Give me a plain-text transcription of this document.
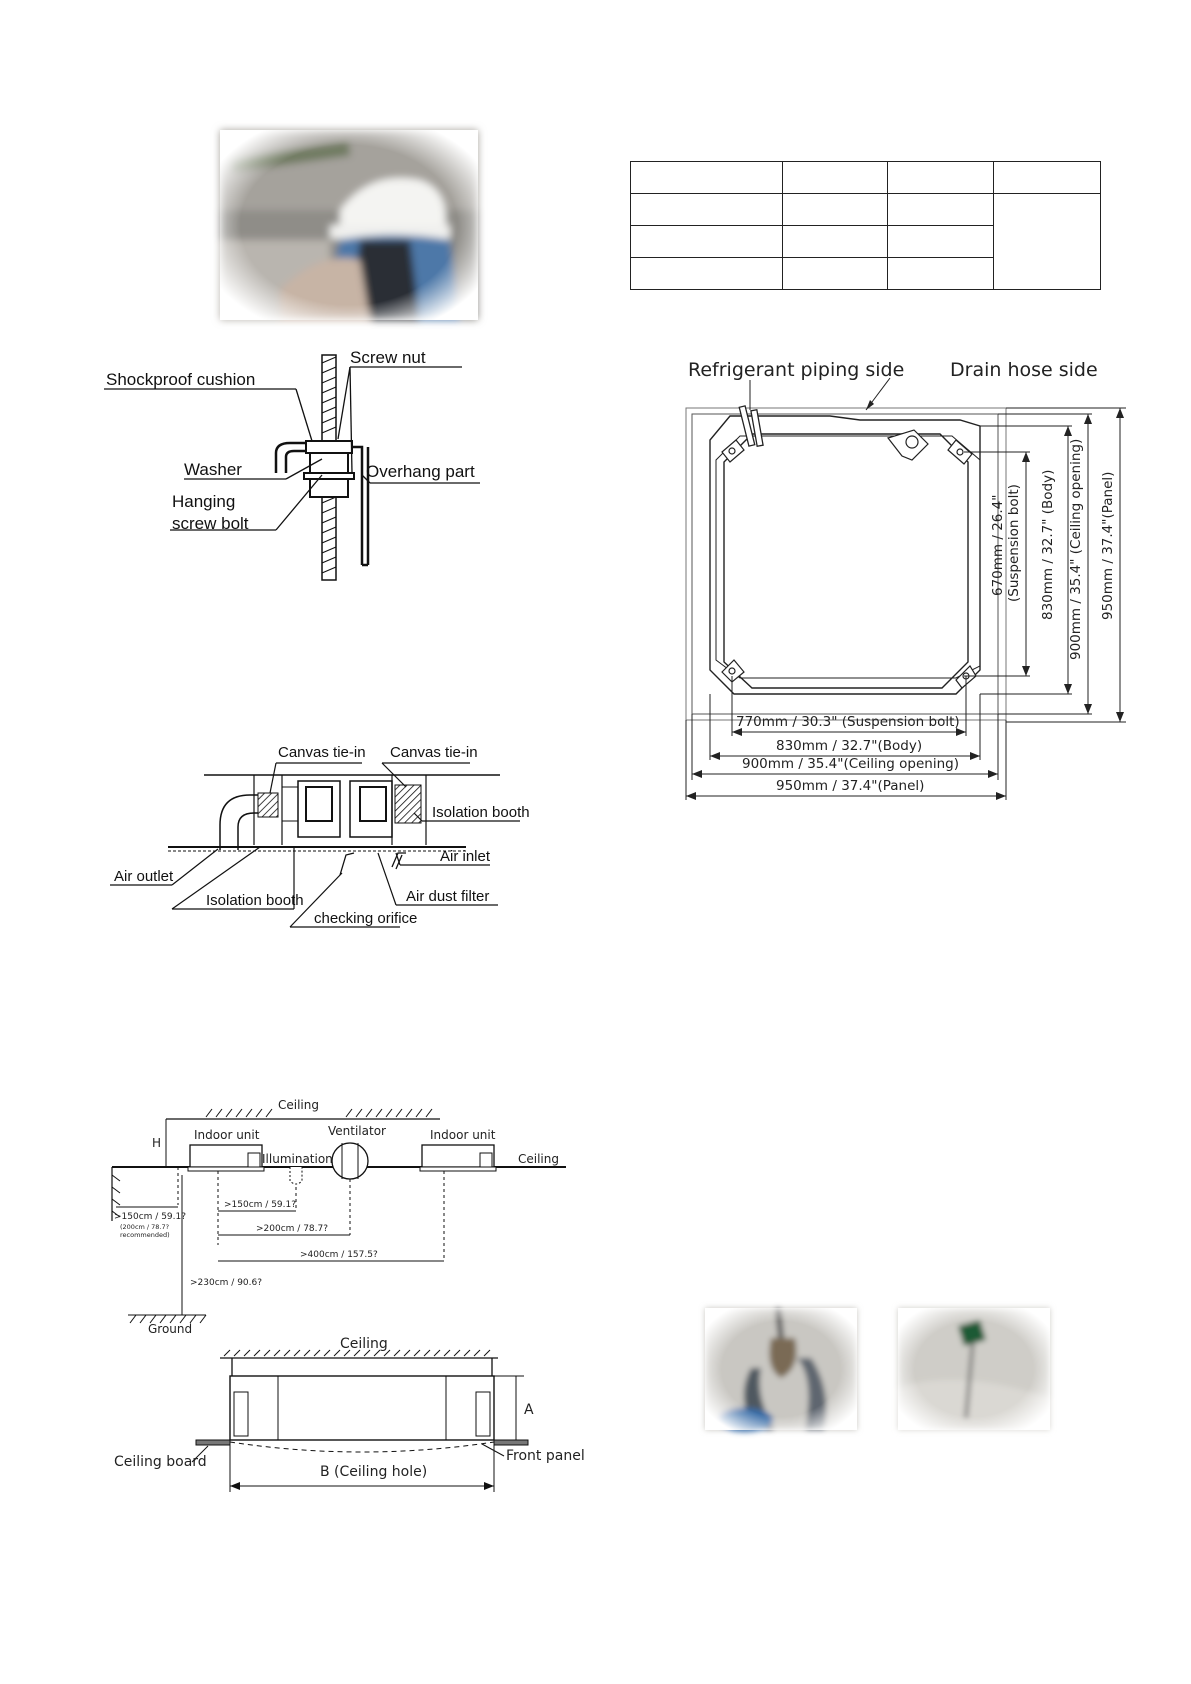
Screw nut
Shockproof cushion
Washer	Overhang part
Hanging
screw bolt
Canvas tie-in Canvas tie-in
Isolation booth
Air inlet
Air outlet
Isolation booth	Air dust filter
checking orifice
Ceiling
H
Indoor unit	Ventilator	Indoor unit
Illumination	Ceiling
>150cm / 59.1?
(200cm / 78.7?
recommended)
>150cm / 59.1?
>200cm / 78.7?
>400cm / 157.5?
>230cm / 90.6?
Ground
Ceiling
A
Ceiling board
B (Ceiling hole)
Front panel

Refrigerant piping side Drain hose side
670mm / 26.4" (Suspension bolt) 830mm / 32.7" (Body) 900mm / 35.4" (Ceiling opening) 950mm / 37.4"(Panel)
770mm / 30.3" (Suspension bolt)
830mm / 32.7"(Body)
900mm / 35.4"(Ceiling opening)
950mm / 37.4"(Panel)
